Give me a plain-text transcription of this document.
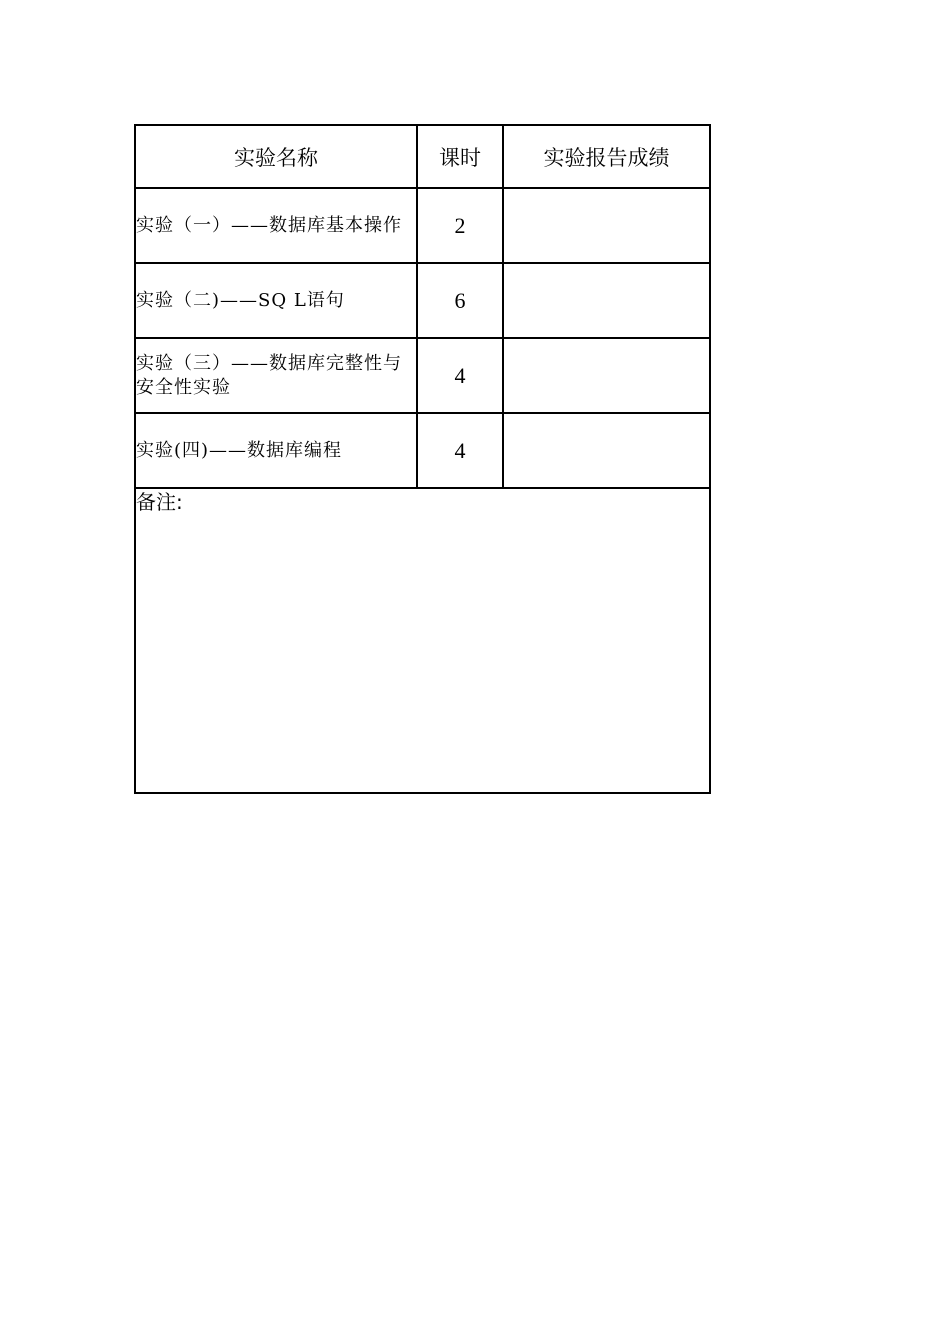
实验名称	课时	实验报告成绩
实验（一）——数据库基本操作	2	
实验（二)——SQ L语句	6	
实验（三）——数据库完整性与安全性实验	4	
实验(四)——数据库编程	4	
备注:		
